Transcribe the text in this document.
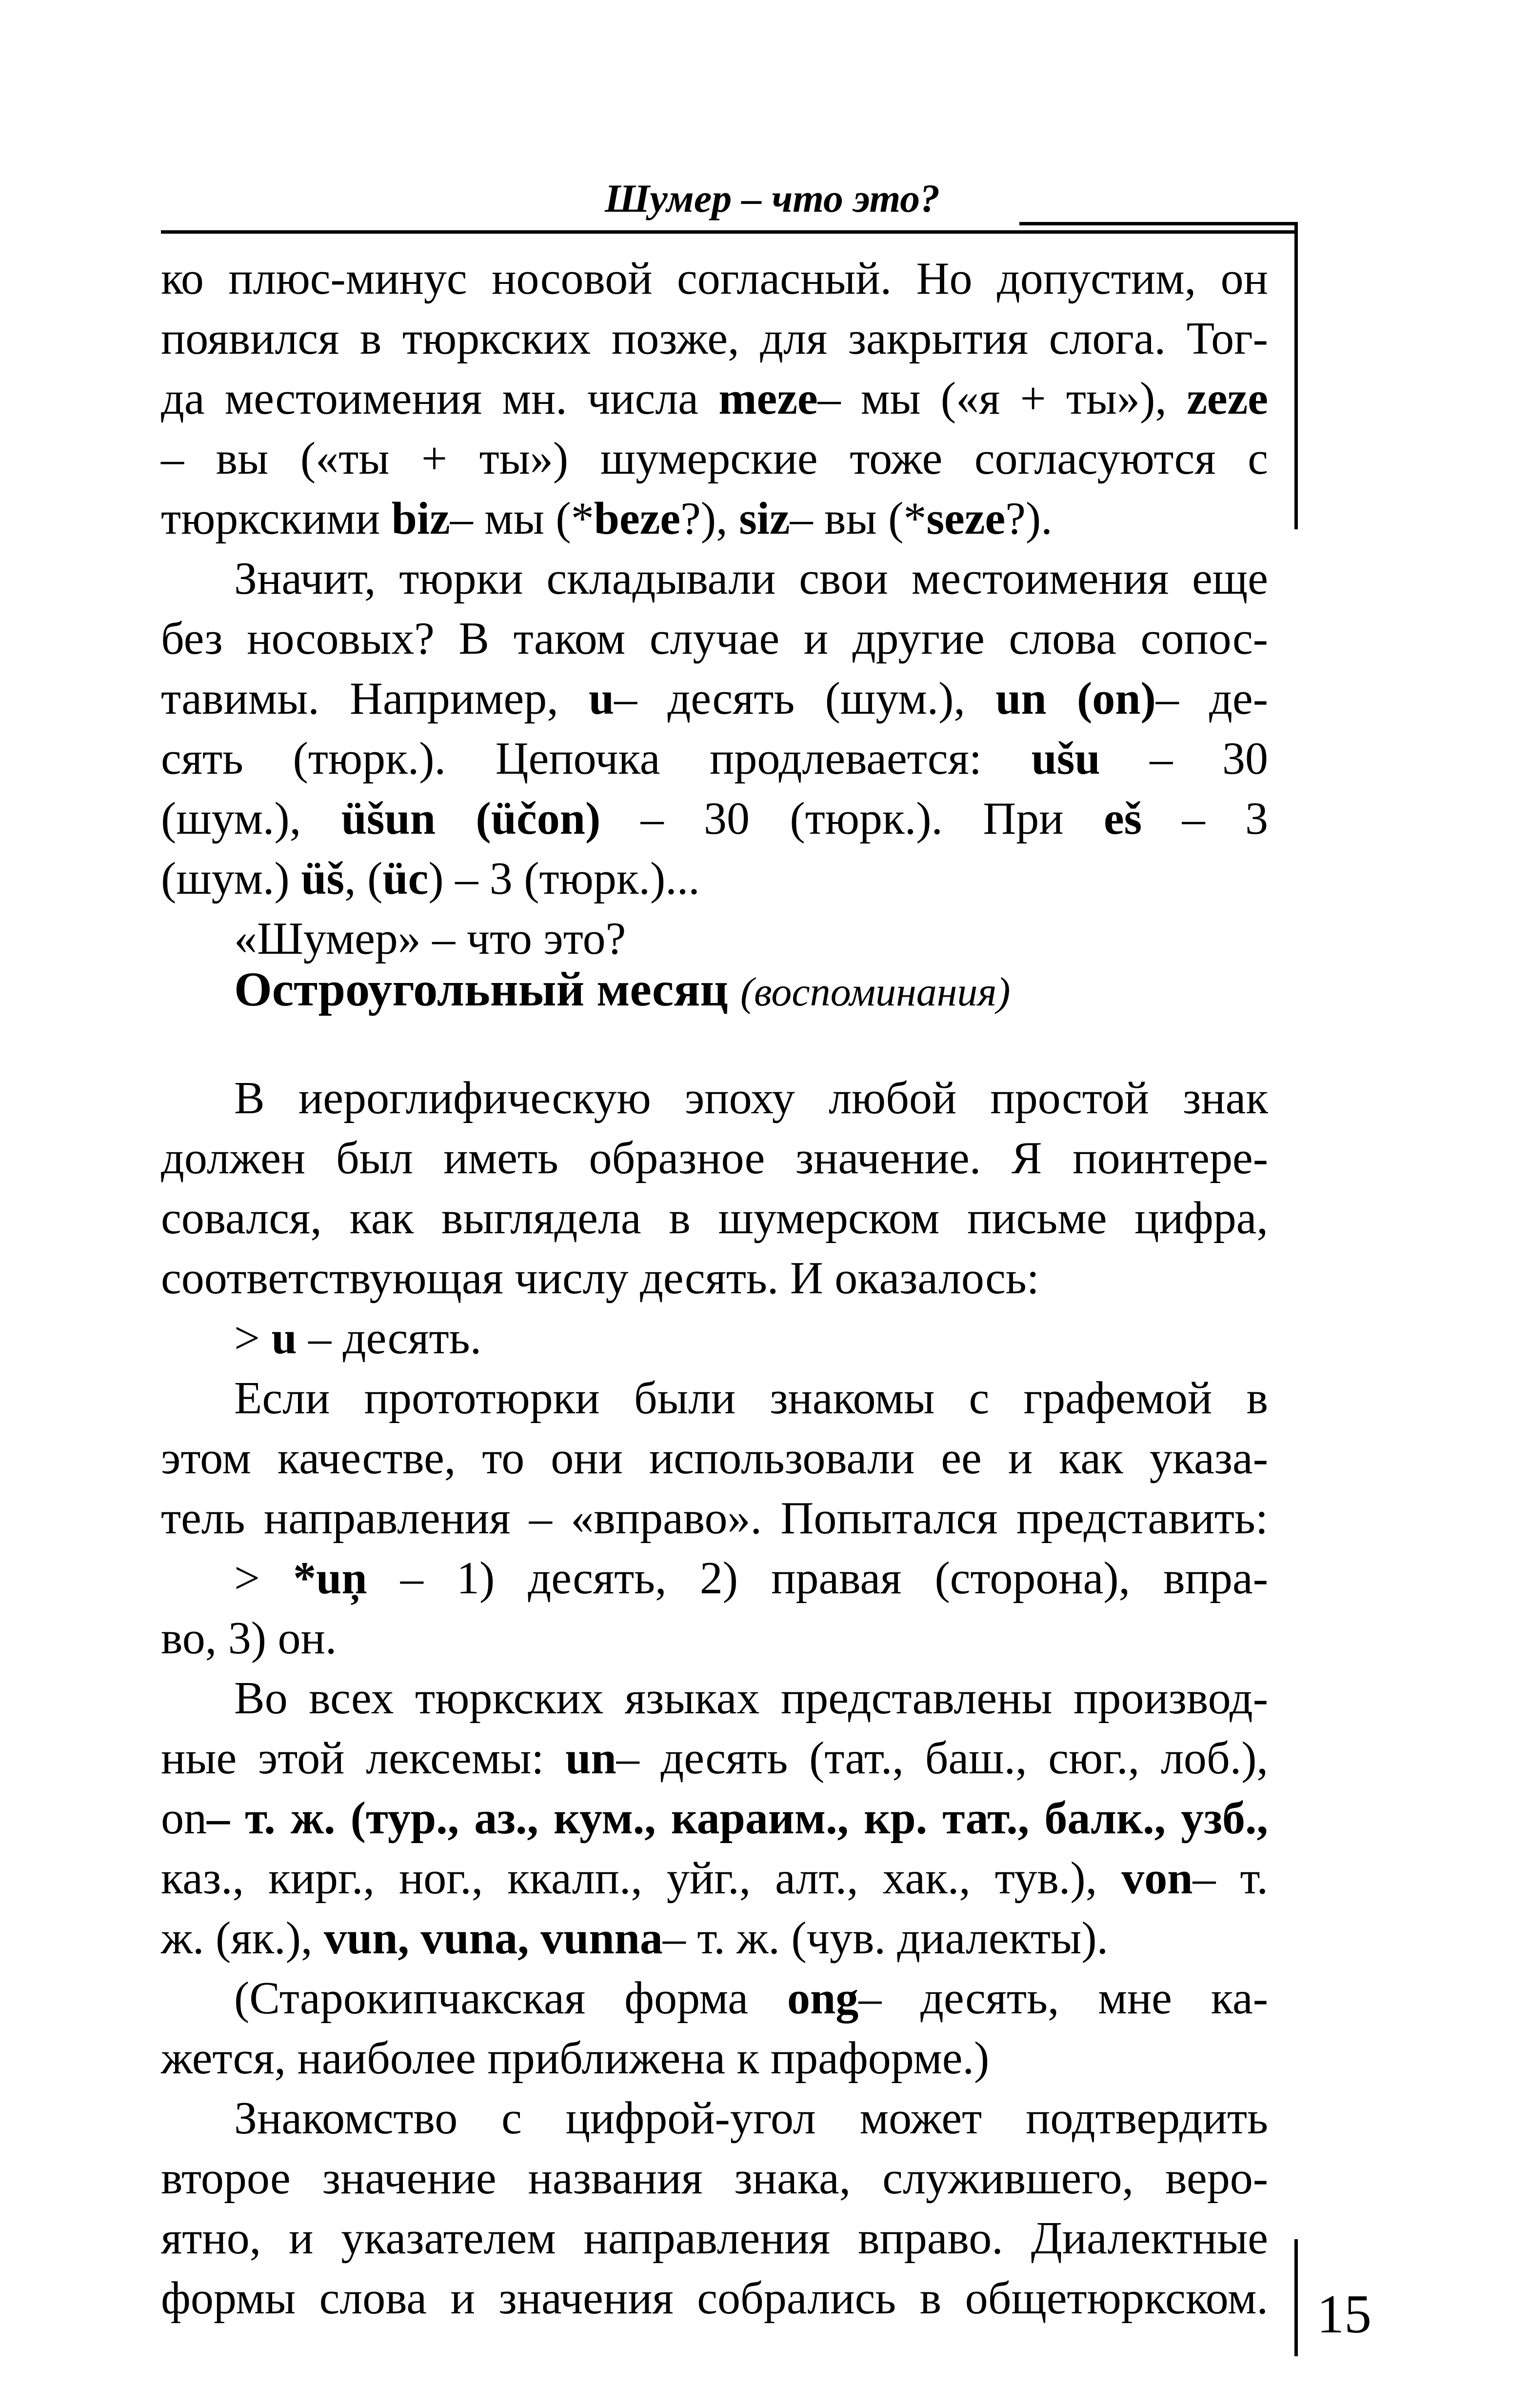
Шумер – что это?
ко плюс-минус носовой согласный. Но допустим, он
появился в тюркских позже, для закрытия слога. Тог-
да местоимения мн. числа meze– мы («я + ты»), zeze
– вы («ты + ты») шумерские тоже согласуются с
тюркскими biz– мы (*beze?), siz– вы (*seze?).
Значит, тюрки складывали свои местоимения еще
без носовых? В таком случае и другие слова сопос-
тавимы. Например, u– десять (шум.), un (on)– де-
сять (тюрк.). Цепочка продлевается: ušu – 30
(шум.), üšun (üčon) – 30 (тюрк.). При eš – 3
(шум.) üš, (üc) – 3 (тюрк.)...
«Шумер» – что это?
Остроугольный месяц (воспоминания)
В иероглифическую эпоху любой простой знак
должен был иметь образное значение. Я поинтере-
совался, как выглядела в шумерском письме цифра,
соответствующая числу десять. И оказалось:
> u – десять.
Если прототюрки были знакомы с графемой в
этом качестве, то они использовали ее и как указа-
тель направления – «вправо». Попытался представить:
> *uņ – 1) десять, 2) правая (сторона), впра-
во, 3) он.
Во всех тюркских языках представлены производ-
ные этой лексемы: un– десять (тат., баш., сюг., лоб.),
on– т. ж. (тур., аз., кум., караим., кр. тат., балк., узб.,
каз., кирг., ног., ккалп., уйг., алт., хак., тув.), von– т.
ж. (як.), vun, vuna, vunna– т. ж. (чув. диалекты).
(Старокипчакская форма ong– десять, мне ка-
жется, наиболее приближена к праформе.)
Знакомство с цифрой-угол может подтвердить
второе значение названия знака, служившего, веро-
ятно, и указателем направления вправо. Диалектные
формы слова и значения собрались в общетюркском. 15
